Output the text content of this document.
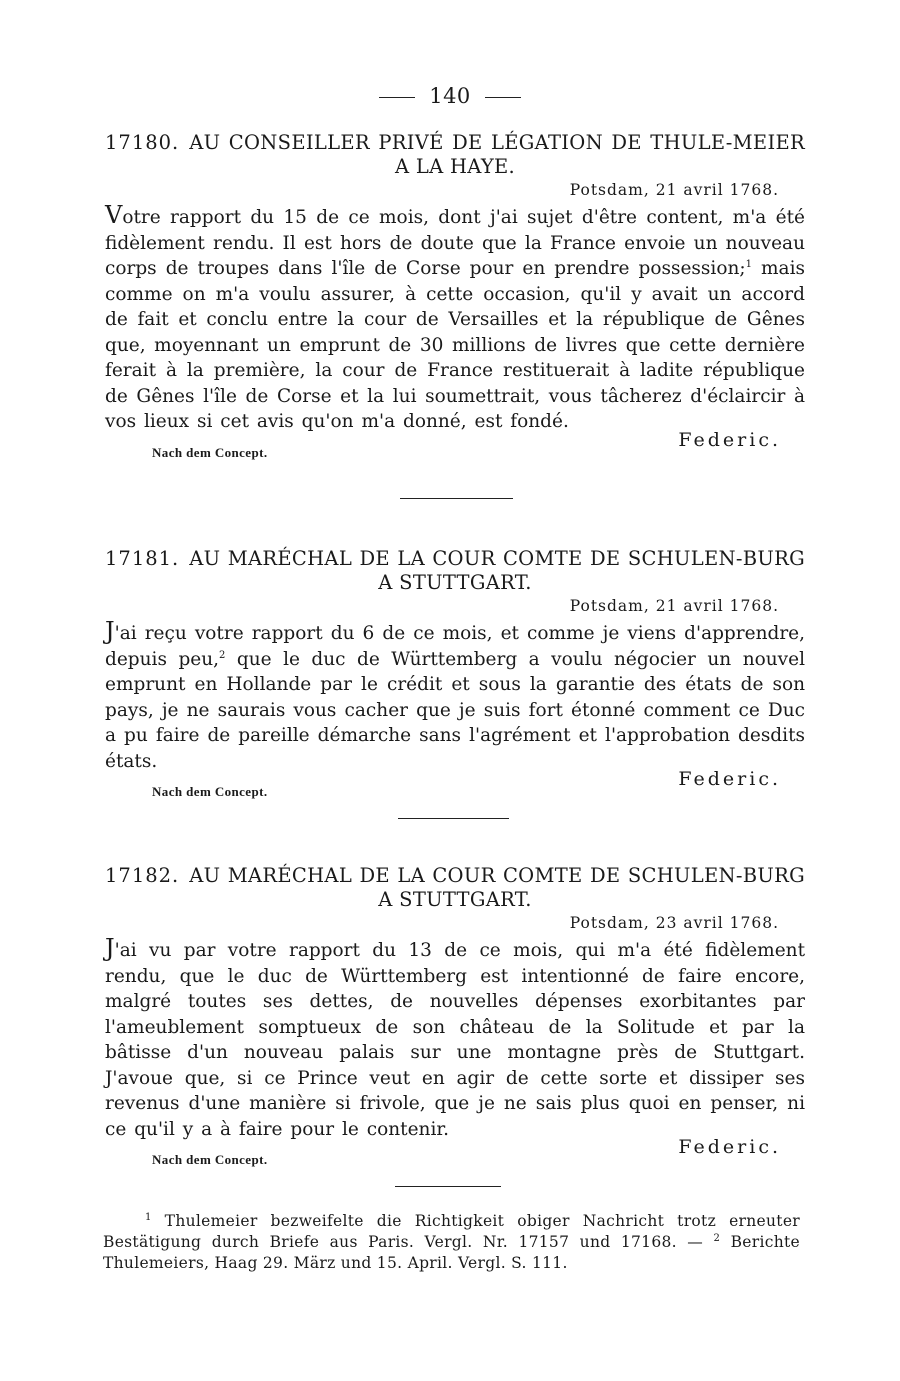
140
17180. AU CONSEILLER PRIVÉ DE LÉGATION DE THULE-MEIER A LA HAYE.
Potsdam, 21 avril 1768.

Votre rapport du 15 de ce mois, dont j'ai sujet d'être content, m'a été fidèlement rendu. Il est hors de doute que la France envoie un nouveau corps de troupes dans l'île de Corse pour en prendre possession;$^1$ mais comme on m'a voulu assurer, à cette occasion, qu'il y avait un accord de fait et conclu entre la cour de Versailles et la république de Gênes que, moyennant un emprunt de 30 millions de livres que cette dernière ferait à la première, la cour de France restituerait à ladite république de Gênes l'île de Corse et la lui soumettrait, vous tâcherez d'éclaircir à vos lieux si cet avis qu'on m'a donné, est fondé.

Nach dem Concept.
Federic.
17181. AU MARÉCHAL DE LA COUR COMTE DE SCHULEN-BURG A STUTTGART.
Potsdam, 21 avril 1768.

J'ai reçu votre rapport du 6 de ce mois, et comme je viens d'apprendre, depuis peu,$^2$ que le duc de Württemberg a voulu négocier un nouvel emprunt en Hollande par le crédit et sous la garantie des états de son pays, je ne saurais vous cacher que je suis fort étonné comment ce Duc a pu faire de pareille démarche sans l'agrément et l'approbation desdits états.

Nach dem Concept.
Federic.
17182. AU MARÉCHAL DE LA COUR COMTE DE SCHULEN-BURG A STUTTGART.
Potsdam, 23 avril 1768.

J'ai vu par votre rapport du 13 de ce mois, qui m'a été fidèlement rendu, que le duc de Württemberg est intentionné de faire encore, malgré toutes ses dettes, de nouvelles dépenses exorbitantes par l'ameublement somptueux de son château de la Solitude et par la bâtisse d'un nouveau palais sur une montagne près de Stuttgart. J'avoue que, si ce Prince veut en agir de cette sorte et dissiper ses revenus d'une manière si frivole, que je ne sais plus quoi en penser, ni ce qu'il y a à faire pour le contenir.

Nach dem Concept.
Federic.
$^1$ Thulemeier bezweifelte die Richtigkeit obiger Nachricht trotz erneuter Bestätigung durch Briefe aus Paris. Vergl. Nr. 17157 und 17168. — $^2$ Berichte Thulemeiers, Haag 29. März und 15. April. Vergl. S. 111.
